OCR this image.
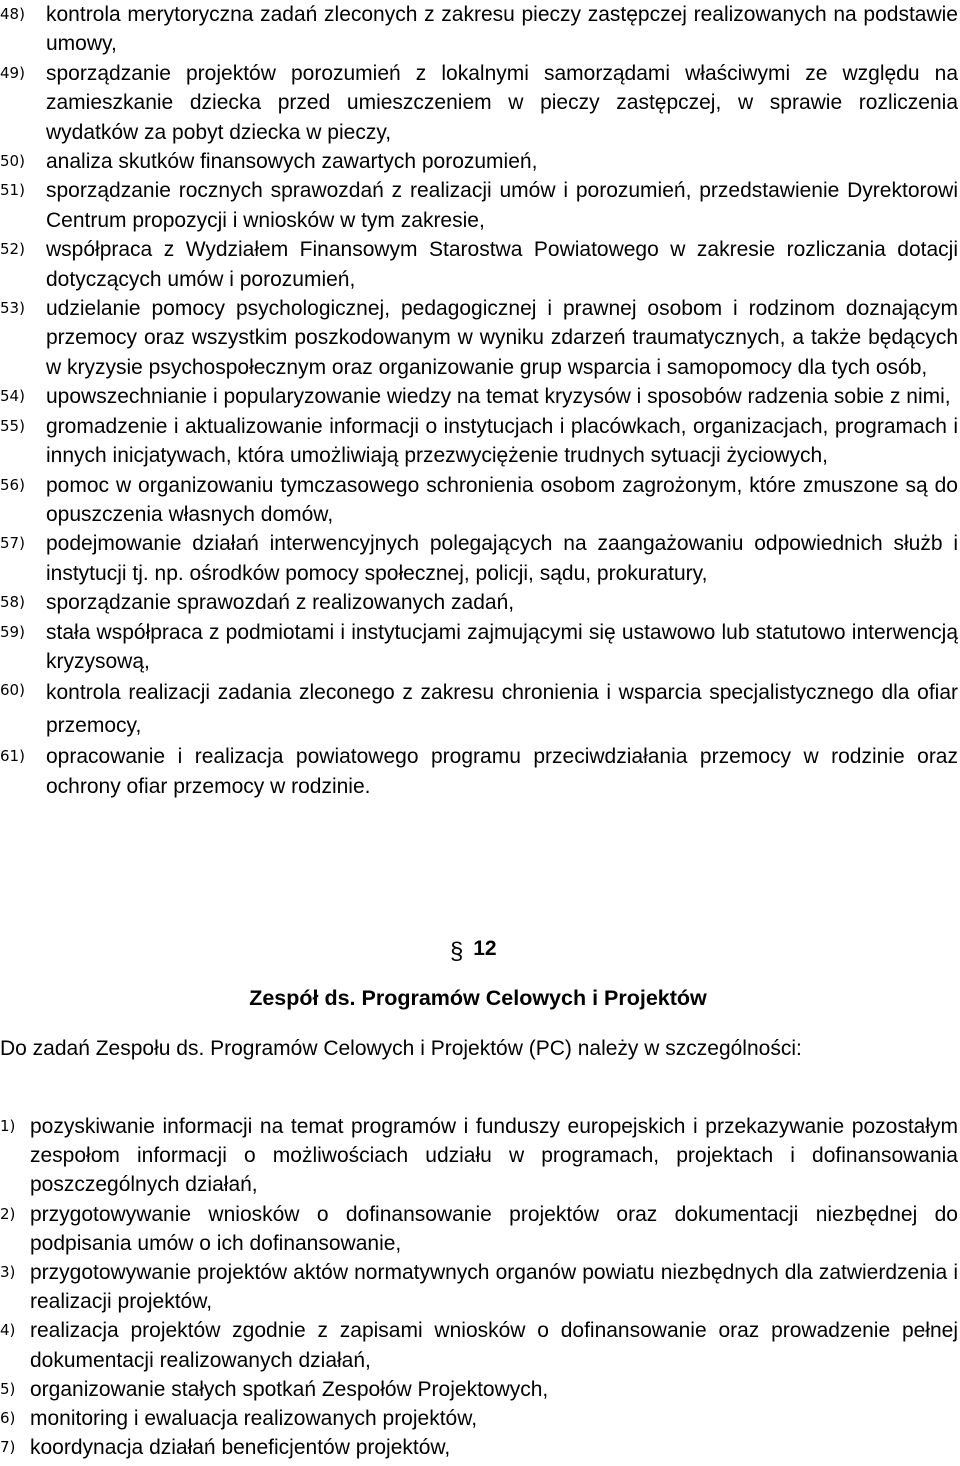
48)	kontrola merytoryczna zadań zleconych z zakresu pieczy zastępczej realizowanych na podstawie umowy,
49)	sporządzanie projektów porozumień z lokalnymi samorządami właściwymi ze względu na zamieszkanie dziecka przed umieszczeniem w pieczy zastępczej, w sprawie rozliczenia wydatków za pobyt dziecka w pieczy,
50)	analiza skutków finansowych zawartych porozumień,
51)	sporządzanie rocznych sprawozdań z realizacji umów i porozumień, przedstawienie Dyrektorowi Centrum propozycji i wniosków w tym zakresie,
52)	współpraca z Wydziałem Finansowym Starostwa Powiatowego w zakresie rozliczania dotacji dotyczących umów i porozumień,
53)	udzielanie pomocy psychologicznej, pedagogicznej i prawnej osobom i rodzinom doznającym przemocy oraz wszystkim poszkodowanym w wyniku zdarzeń traumatycznych, a także będących w kryzysie psychospołecznym oraz organizowanie grup wsparcia i samopomocy dla tych osób,
54)	upowszechnianie i popularyzowanie wiedzy na temat kryzysów i sposobów radzenia sobie z nimi,
55)	gromadzenie i aktualizowanie informacji o instytucjach i placówkach, organizacjach, programach i innych inicjatywach, która umożliwiają przezwyciężenie trudnych sytuacji życiowych,
56)	pomoc w organizowaniu tymczasowego schronienia osobom zagrożonym, które zmuszone są do opuszczenia własnych domów,
57)	podejmowanie działań interwencyjnych polegających na zaangażowaniu odpowiednich służb i instytucji tj. np. ośrodków pomocy społecznej, policji, sądu, prokuratury,
58)	sporządzanie sprawozdań z realizowanych zadań,
59)	stała współpraca z podmiotami i instytucjami zajmującymi się ustawowo lub statutowo interwencją kryzysową,
60)	kontrola realizacji zadania zleconego z zakresu chronienia i wsparcia specjalistycznego dla ofiar przemocy,
61)	opracowanie i realizacja powiatowego programu przeciwdziałania przemocy w rodzinie oraz ochrony ofiar przemocy w rodzinie.
§ 12
Zespół ds. Programów Celowych i Projektów

Do zadań Zespołu ds. Programów Celowych i Projektów (PC) należy w szczególności:

1) pozyskiwanie informacji na temat programów i funduszy europejskich i przekazywanie pozostałym zespołom informacji o możliwościach udziału w programach, projektach i dofinansowania poszczególnych działań,
2) przygotowywanie wniosków o dofinansowanie projektów oraz dokumentacji niezbędnej do podpisania umów o ich dofinansowanie,
3) przygotowywanie projektów aktów normatywnych organów powiatu niezbędnych dla zatwierdzenia i realizacji projektów,
4) realizacja projektów zgodnie z zapisami wniosków o dofinansowanie oraz prowadzenie pełnej dokumentacji realizowanych działań,
5) organizowanie stałych spotkań Zespołów Projektowych,
6) monitoring i ewaluacja realizowanych projektów,
7) koordynacja działań beneficjentów projektów,
